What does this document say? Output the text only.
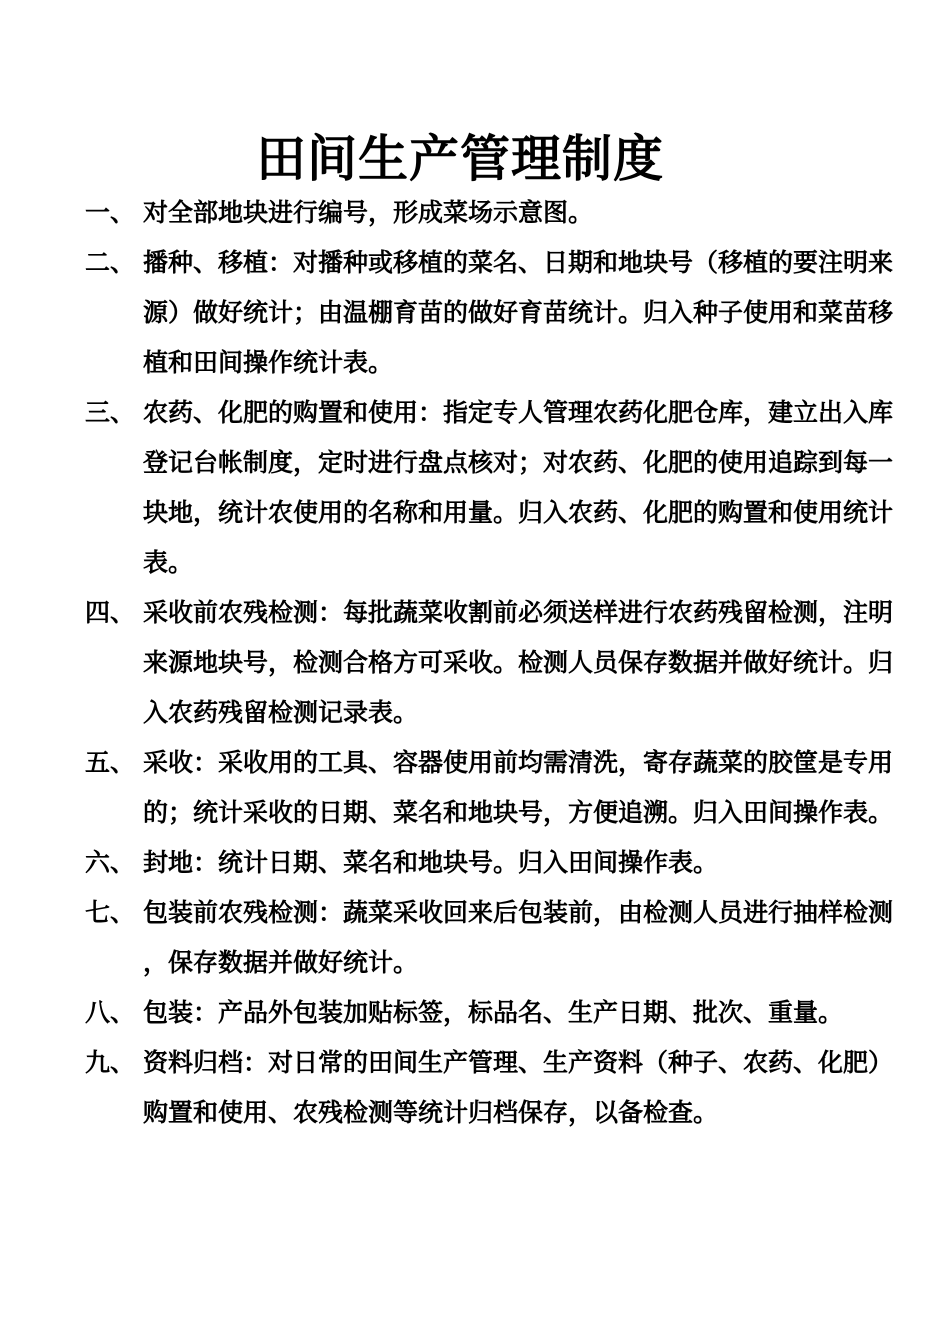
田间生产管理制度
一、 对全部地块进行编号，形成菜场示意图。
二、 播种、移植：对播种或移植的菜名、日期和地块号（移植的要注明来源）做好统计；由温棚育苗的做好育苗统计。归入种子使用和菜苗移植和田间操作统计表。
三、 农药、化肥的购置和使用：指定专人管理农药化肥仓库，建立出入库登记台帐制度，定时进行盘点核对；对农药、化肥的使用追踪到每一块地，统计农使用的名称和用量。归入农药、化肥的购置和使用统计表。
四、 采收前农残检测：每批蔬菜收割前必须送样进行农药残留检测，注明来源地块号，检测合格方可采收。检测人员保存数据并做好统计。归入农药残留检测记录表。
五、 采收：采收用的工具、容器使用前均需清洗，寄存蔬菜的胶筐是专用的；统计采收的日期、菜名和地块号，方便追溯。归入田间操作表。
六、 封地：统计日期、菜名和地块号。归入田间操作表。
七、 包装前农残检测：蔬菜采收回来后包装前，由检测人员进行抽样检测，保存数据并做好统计。
八、 包装：产品外包装加贴标签，标品名、生产日期、批次、重量。
九、 资料归档：对日常的田间生产管理、生产资料（种子、农药、化肥）购置和使用、农残检测等统计归档保存，以备检查。
